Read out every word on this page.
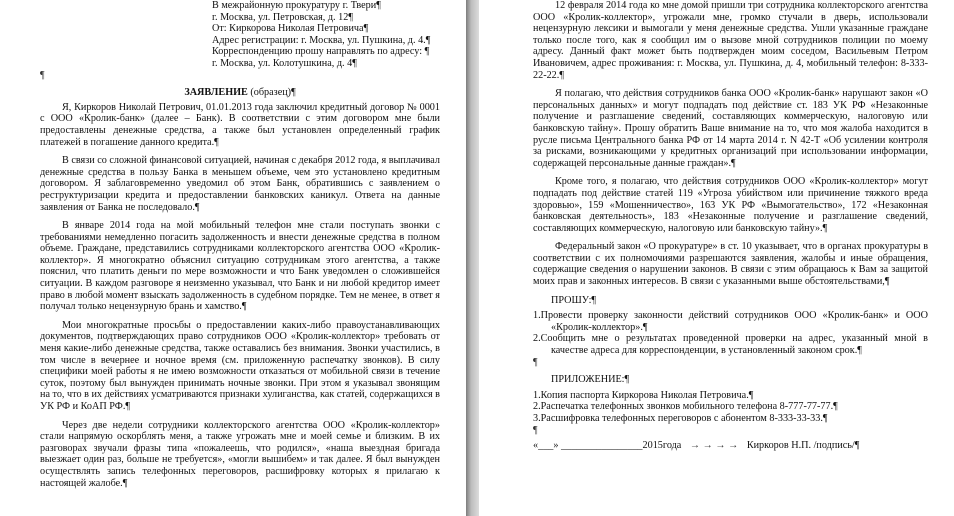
В межрайонную прокуратуру г. Твери¶
г. Москва, ул. Петровская, д. 12¶
От: Киркорова Николая Петровича¶
Адрес регистрации: г. Москва, ул. Пушкина, д. 4.¶
Корреспонденцию прошу направлять по адресу: ¶
г. Москва, ул. Колотушкина, д. 4¶
¶
ЗАЯВЛЕНИЕ (образец)¶

Я, Киркоров Николай Петрович, 01.01.2013 года заключил кредитный договор № 0001 с ООО «Кролик-банк» (далее – Банк). В соответствии с этим договором мне были предоставлены денежные средства, а также был установлен определенный график платежей в погашение данного кредита.¶

В связи со сложной финансовой ситуацией, начиная с декабря 2012 года, я выплачивал денежные средства в пользу Банка в меньшем объеме, чем это установлено кредитным договором. Я заблаговременно уведомил об этом Банк, обратившись с заявлением о реструктуризации кредита и предоставлении банковских каникул. Ответа на данные заявления от Банка не последовало.¶

В январе 2014 года на мой мобильный телефон мне стали поступать звонки с требованиями немедленно погасить задолженность и внести денежные средства в полном объеме. Граждане, представились сотрудниками коллекторского агентства ООО «Кролик-коллектор». Я многократно объяснил ситуацию сотрудникам этого агентства, а также пояснил, что платить деньги по мере возможности и что Банк уведомлен о сложившейся ситуации. В каждом разговоре я неизменно указывал, что Банк и ни любой кредитор имеет право в любой момент взыскать задолженность в судебном порядке. Тем не менее, в ответ я получал только нецензурную брань и хамство.¶

Мои многократные просьбы о предоставлении каких-либо правоустанавливающих документов, подтверждающих право сотрудников ООО «Кролик-коллектор» требовать от меня какие-либо денежные средства, также оставались без внимания. Звонки участились, в том числе в вечернее и ночное время (см. приложенную распечатку звонков). В силу специфики моей работы я не имею возможности отказаться от мобильной связи в течение суток, поэтому был вынужден принимать ночные звонки. При этом я указывал звонящим на то, что в их действиях усматриваются признаки хулиганства, как статей, содержащихся в УК РФ и КоАП РФ.¶

Через две недели сотрудники коллекторского агентства ООО «Кролик-коллектор» стали напрямую оскорблять меня, а также угрожать мне и моей семье и близким. В их разговорах звучали фразы типа «пожалеешь, что родился», «наша выездная бригада выезжает один раз, больше не требуется», «могли вышибем» и так далее. Я был вынужден осуществлять запись телефонных переговоров, расшифровку которых я прилагаю к настоящей жалобе.¶

12 февраля 2014 года ко мне домой пришли три сотрудника коллекторского агентства ООО «Кролик-коллектор», угрожали мне, громко стучали в дверь, использовали нецензурную лексики и вымогали у меня денежные средства. Ушли указанные граждане только после того, как я сообщил им о вызове мной сотрудников полиции по моему адресу. Данный факт может быть подтвержден моим соседом, Васильевым Петром Ивановичем, адрес проживания: г. Москва, ул. Пушкина, д. 4, мобильный телефон: 8-333-22-22.¶

Я полагаю, что действия сотрудников банка ООО «Кролик-банк» нарушают закон «О персональных данных» и могут подпадать под действие ст. 183 УК РФ «Незаконные получение и разглашение сведений, составляющих коммерческую, налоговую или банковскую тайну». Прошу обратить Ваше внимание на то, что моя жалоба находится в русле письма Центрального банка РФ от 14 марта 2014 г. N 42-Т «Об усилении контроля за рисками, возникающими у кредитных организаций при использовании информации, содержащей персональные данные граждан».¶

Кроме того, я полагаю, что действия сотрудников ООО «Кролик-коллектор» могут подпадать под действие статей 119 «Угроза убийством или причинение тяжкого вреда здоровью», 159 «Мошенничество», 163 УК РФ «Вымогательство», 172 «Незаконная банковская деятельность», 183 «Незаконные получение и разглашение сведений, составляющих коммерческую, налоговую или банковскую тайну».¶

Федеральный закон «О прокуратуре» в ст. 10 указывает, что в органах прокуратуры в соответствии с их полномочиями разрешаются заявления, жалобы и иные обращения, содержащие сведения о нарушении законов. В связи с этим обращаюсь к Вам за защитой моих прав и законных интересов. В связи с указанными выше обстоятельствами,¶

ПРОШУ:¶

1.Провести проверку законности действий сотрудников ООО «Кролик-банк» и ООО «Кролик-коллектор».¶

2.Сообщить мне о результатах проведенной проверки на адрес, указанный мной в качестве адреса для корреспонденции, в установленный законом срок.¶

¶
ПРИЛОЖЕНИЕ:¶

1.Копия паспорта Киркорова Николая Петровича.¶

2.Распечатка телефонных звонков мобильного телефона 8-777-77-77.¶

3.Расшифровка телефонных переговоров с абонентом 8-333-33-33.¶

¶
«___» ________________2015года → → → → Киркоров Н.П. /подпись/¶
